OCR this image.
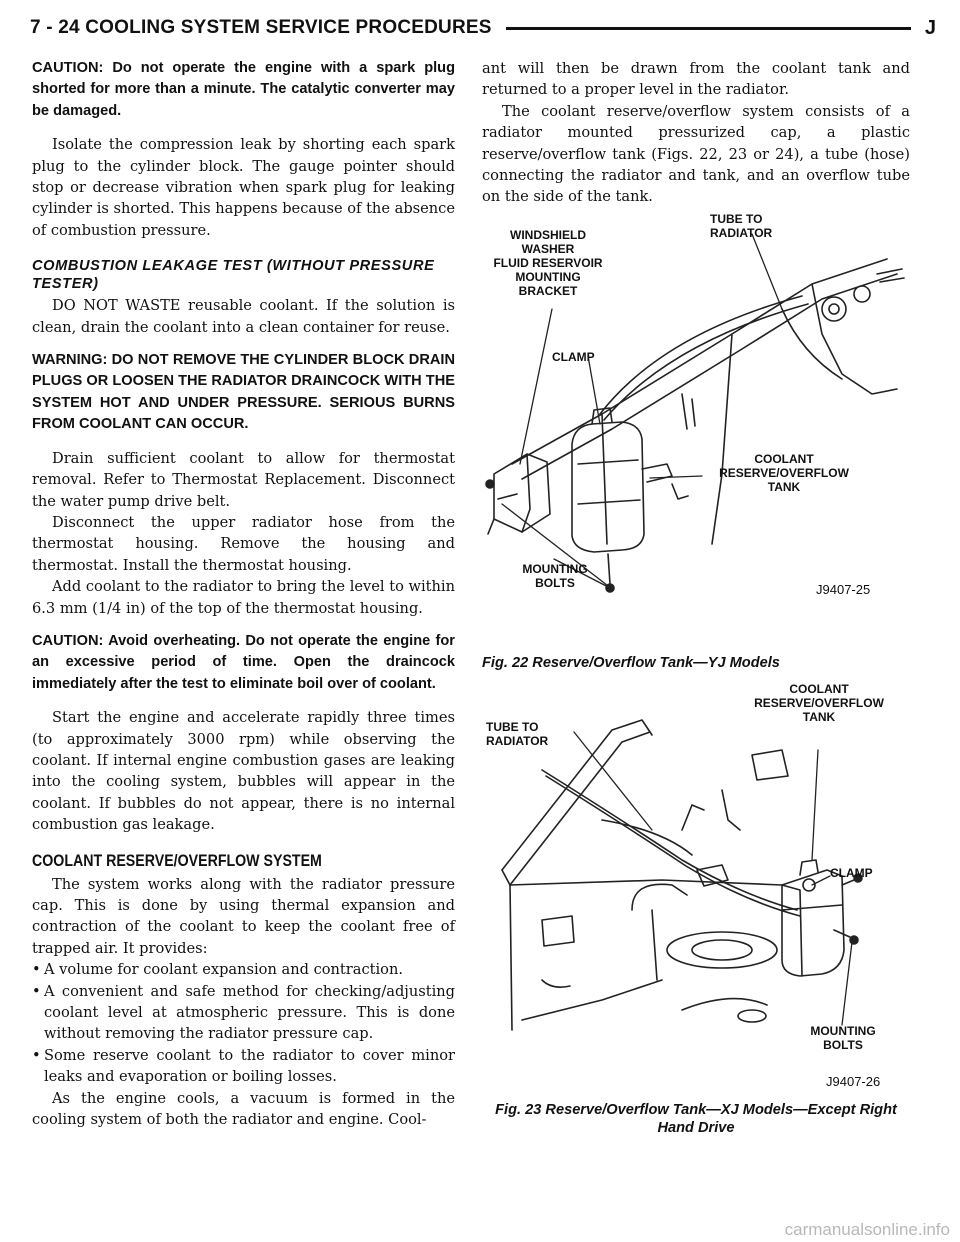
7 - 24 COOLING SYSTEM SERVICE PROCEDURES	J

CAUTION: Do not operate the engine with a spark plug shorted for more than a minute. The catalytic converter may be damaged.

Isolate the compression leak by shorting each spark plug to the cylinder block. The gauge pointer should stop or decrease vibration when spark plug for leaking cylinder is shorted. This happens because of the absence of combustion pressure.

COMBUSTION LEAKAGE TEST (WITHOUT PRESSURE TESTER)

DO NOT WASTE reusable coolant. If the solution is clean, drain the coolant into a clean container for reuse.

WARNING: DO NOT REMOVE THE CYLINDER BLOCK DRAIN PLUGS OR LOOSEN THE RADIATOR DRAINCOCK WITH THE SYSTEM HOT AND UNDER PRESSURE. SERIOUS BURNS FROM COOLANT CAN OCCUR.

Drain sufficient coolant to allow for thermostat removal. Refer to Thermostat Replacement. Disconnect the water pump drive belt.

Disconnect the upper radiator hose from the thermostat housing. Remove the housing and thermostat. Install the thermostat housing.

Add coolant to the radiator to bring the level to within 6.3 mm (1/4 in) of the top of the thermostat housing.

CAUTION: Avoid overheating. Do not operate the engine for an excessive period of time. Open the draincock immediately after the test to eliminate boil over of coolant.

Start the engine and accelerate rapidly three times (to approximately 3000 rpm) while observing the coolant. If internal engine combustion gases are leaking into the cooling system, bubbles will appear in the coolant. If bubbles do not appear, there is no internal combustion gas leakage.

COOLANT RESERVE/OVERFLOW SYSTEM

The system works along with the radiator pressure cap. This is done by using thermal expansion and contraction of the coolant to keep the coolant free of trapped air. It provides:

• A volume for coolant expansion and contraction.
• A convenient and safe method for checking/adjusting coolant level at atmospheric pressure. This is done without removing the radiator pressure cap.
• Some reserve coolant to the radiator to cover minor leaks and evaporation or boiling losses.

As the engine cools, a vacuum is formed in the cooling system of both the radiator and engine. Cool-

ant will then be drawn from the coolant tank and returned to a proper level in the radiator.

The coolant reserve/overflow system consists of a radiator mounted pressurized cap, a plastic reserve/overflow tank (Figs. 22, 23 or 24), a tube (hose) connecting the radiator and tank, and an overflow tube on the side of the tank.

TUBE TO
RADIATOR
WINDSHIELD
WASHER
FLUID RESERVOIR
MOUNTING
BRACKET
CLAMP
COOLANT
RESERVE/OVERFLOW
TANK
MOUNTING
BOLTS	J9407-25
Fig. 22 Reserve/Overflow Tank—YJ Models
COOLANT
RESERVE/OVERFLOW
TANK
TUBE TO
RADIATOR
CLAMP
MOUNTING
BOLTS
J9407-26
Fig. 23 Reserve/Overflow Tank—XJ Models—Except Right Hand Drive
carmanualsonline.info
